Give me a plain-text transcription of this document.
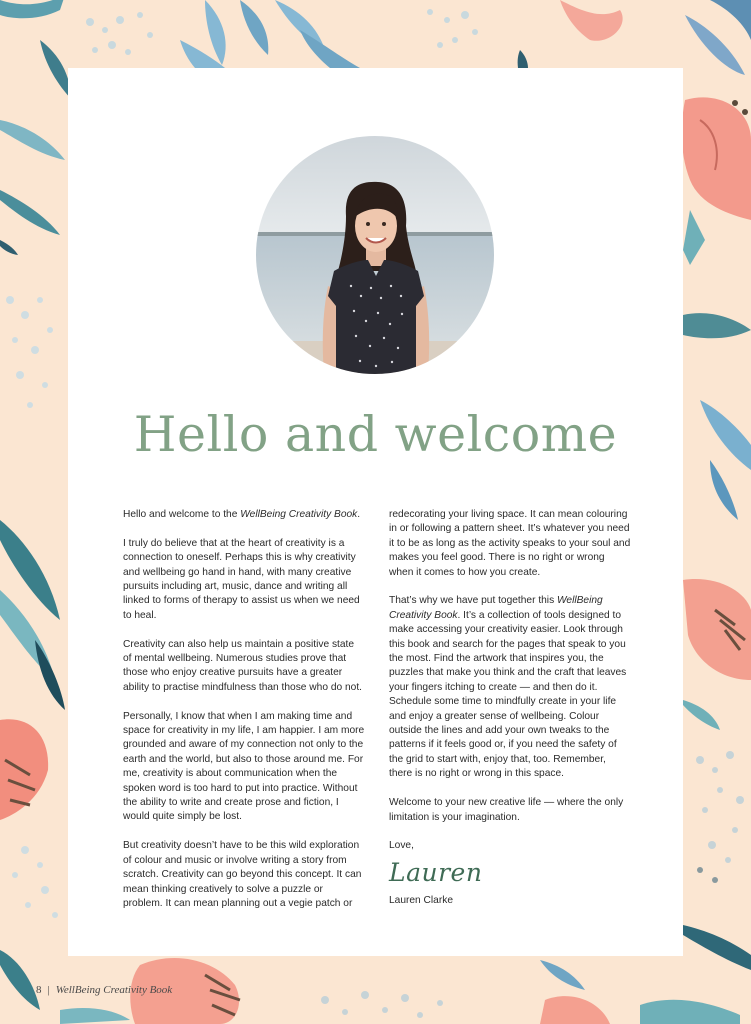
Hello and welcome

Hello and welcome to the WellBeing Creativity Book.

I truly do believe that at the heart of creativity is a connection to oneself. Perhaps this is why creativity and wellbeing go hand in hand, with many creative pursuits including art, music, dance and writing all linked to forms of therapy to assist us when we need to heal.

Creativity can also help us maintain a positive state of mental wellbeing. Numerous studies prove that those who enjoy creative pursuits have a greater ability to practise mindfulness than those who do not.

Personally, I know that when I am making time and space for creativity in my life, I am happier. I am more grounded and aware of my connection not only to the earth and the world, but also to those around me. For me, creativity is about communication when the spoken word is too hard to put into practice. Without the ability to write and create prose and fiction, I would quite simply be lost.

But creativity doesn’t have to be this wild exploration of colour and music or involve writing a story from scratch. Creativity can go beyond this concept. It can mean thinking creatively to solve a puzzle or problem. It can mean planning out a vegie patch or

redecorating your living space. It can mean colouring in or following a pattern sheet. It’s whatever you need it to be as long as the activity speaks to your soul and makes you feel good. There is no right or wrong when it comes to how you create.

That’s why we have put together this WellBeing Creativity Book. It’s a collection of tools designed to make accessing your creativity easier. Look through this book and search for the pages that speak to you the most. Find the artwork that inspires you, the puzzles that make you think and the craft that leaves your fingers itching to create — and then do it. Schedule some time to mindfully create in your life and enjoy a greater sense of wellbeing. Colour outside the lines and add your own tweaks to the patterns if it feels good or, if you need the safety of the grid to start with, enjoy that, too. Remember, there is no right or wrong in this space.

Welcome to your new creative life — where the only limitation is your imagination.

Love,

Lauren

Lauren Clarke

8 | WellBeing Creativity Book
